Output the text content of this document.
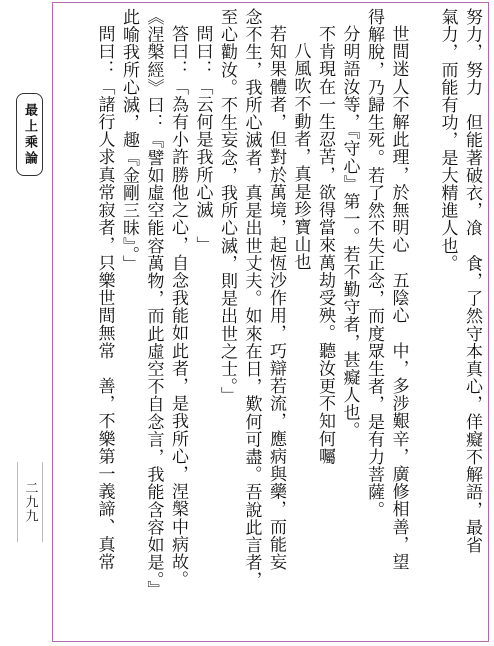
最上乘論
二九九	努力，努力　但能著破衣，飡　食，了然守本真心，佯癡不解語，最省
氣力，而能有功，是大精進人也。

世間迷人不解此理，於無明心　五陰心　中，多涉艱辛，廣修相善，望
得解脫，乃歸生死。若了然不失正念，而度眾生者，是有力菩薩。
分明語汝等，『守心』第一。若不勤守者，甚癡人也。
不肯現在一生忍苦，欲得當來萬劫受殃。聽汝更不知何囑
八風吹不動者，真是珍寶山也
若知果體者，但對於萬境，起恆沙作用，巧辯若流，應病與藥，而能妄
念不生，我所心滅者，真是出世丈夫。如來在日，歎何可盡。吾說此言者，
至心勸汝。不生妄念，我所心滅，則是出世之士。」
問曰：「云何是我所心滅　」
答曰：「為有小許勝他之心，自念我能如此者，是我所心，涅槃中病故。
《涅槃經》曰：『譬如虛空能容萬物，而此虛空不自念言，我能含容如是。』
此喻我所心滅，趣『金剛三昧』。」
問曰：「諸行人求真常寂者，只樂世間無常　善，不樂第一義諦、真常
